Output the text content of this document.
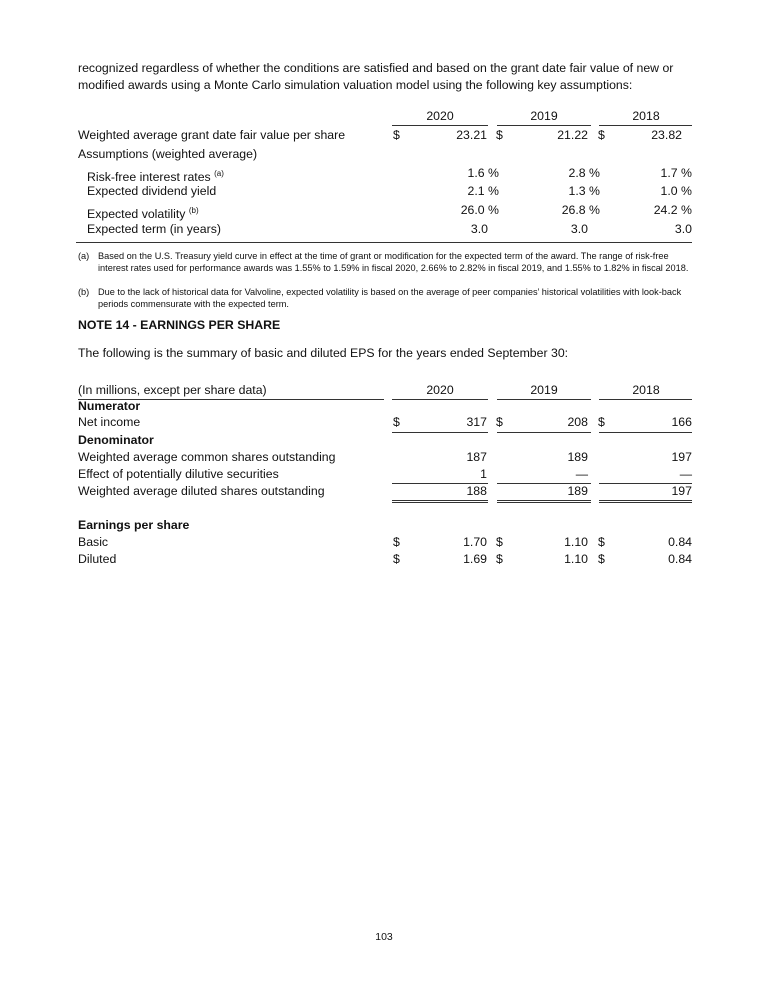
recognized regardless of whether the conditions are satisfied and based on the grant date fair value of new or modified awards using a Monte Carlo simulation valuation model using the following key assumptions:
2020	2019	2018
Weighted average grant date fair value per share	$	23.21 $	21.22 $	23.82
Assumptions (weighted average)
Risk-free interest rates $^{(a)}$	1.6 %	2.8 %	1.7 %
Expected dividend yield	2.1 %	1.3 %	1.0 %
Expected volatility $^{(b)}$	26.0 %	26.8 %	24.2 %
Expected term (in years)	3.0	3.0	3.0
(a) Based on the U.S. Treasury yield curve in effect at the time of grant or modification for the expected term of the award. The range of risk-free interest rates used for performance awards was 1.55% to 1.59% in fiscal 2020, 2.66% to 2.82% in fiscal 2019, and 1.55% to 1.82% in fiscal 2018.
(b) Due to the lack of historical data for Valvoline, expected volatility is based on the average of peer companies’ historical volatilities with look-back periods commensurate with the expected term.
NOTE 14 - EARNINGS PER SHARE
The following is the summary of basic and diluted EPS for the years ended September 30:
(In millions, except per share data)	2020	2019	2018
Numerator
Net income	$	317 $	208 $	166
Denominator
Weighted average common shares outstanding	187	189	197
Effect of potentially dilutive securities	1	—	—
Weighted average diluted shares outstanding	188	189	197
Earnings per share
Basic	$	1.70 $	1.10 $	0.84
Diluted	$	1.69 $	1.10 $	0.84
103
